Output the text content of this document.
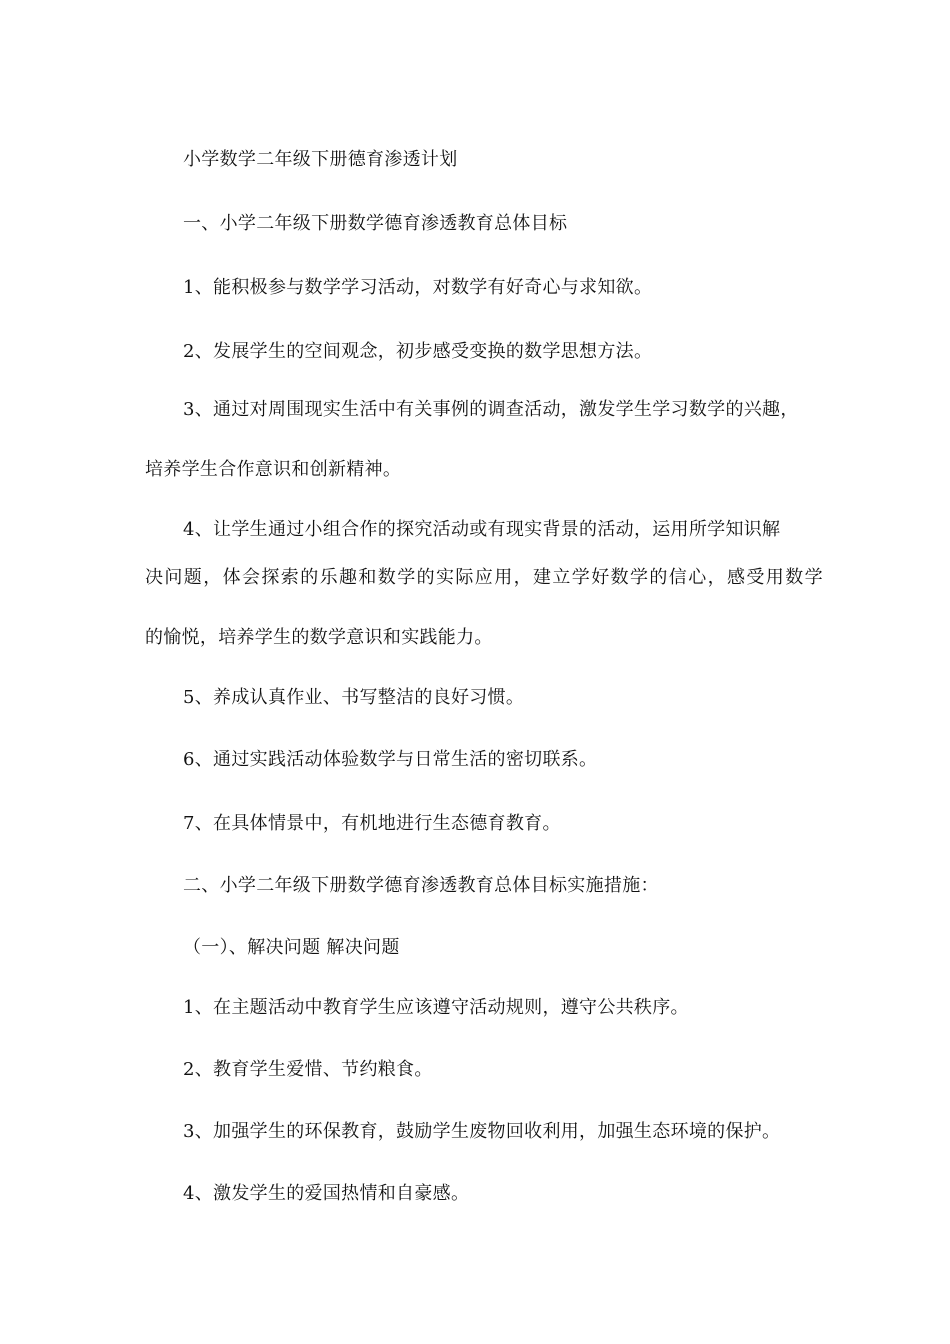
小学数学二年级下册德育渗透计划
一、小学二年级下册数学德育渗透教育总体目标
1、能积极参与数学学习活动，对数学有好奇心与求知欲。
2、发展学生的空间观念，初步感受变换的数学思想方法。
3、通过对周围现实生活中有关事例的调查活动，激发学生学习数学的兴趣，
培养学生合作意识和创新精神。
4、让学生通过小组合作的探究活动或有现实背景的活动，运用所学知识解
决问题，体会探索的乐趣和数学的实际应用，建立学好数学的信心，感受用数学
的愉悦，培养学生的数学意识和实践能力。
5、养成认真作业、书写整洁的良好习惯。
6、通过实践活动体验数学与日常生活的密切联系。
7、在具体情景中，有机地进行生态德育教育。
二、小学二年级下册数学德育渗透教育总体目标实施措施：
（一）、解决问题 解决问题
1、在主题活动中教育学生应该遵守活动规则，遵守公共秩序。
2、教育学生爱惜、节约粮食。
3、加强学生的环保教育，鼓励学生废物回收利用，加强生态环境的保护。
4、激发学生的爱国热情和自豪感。
